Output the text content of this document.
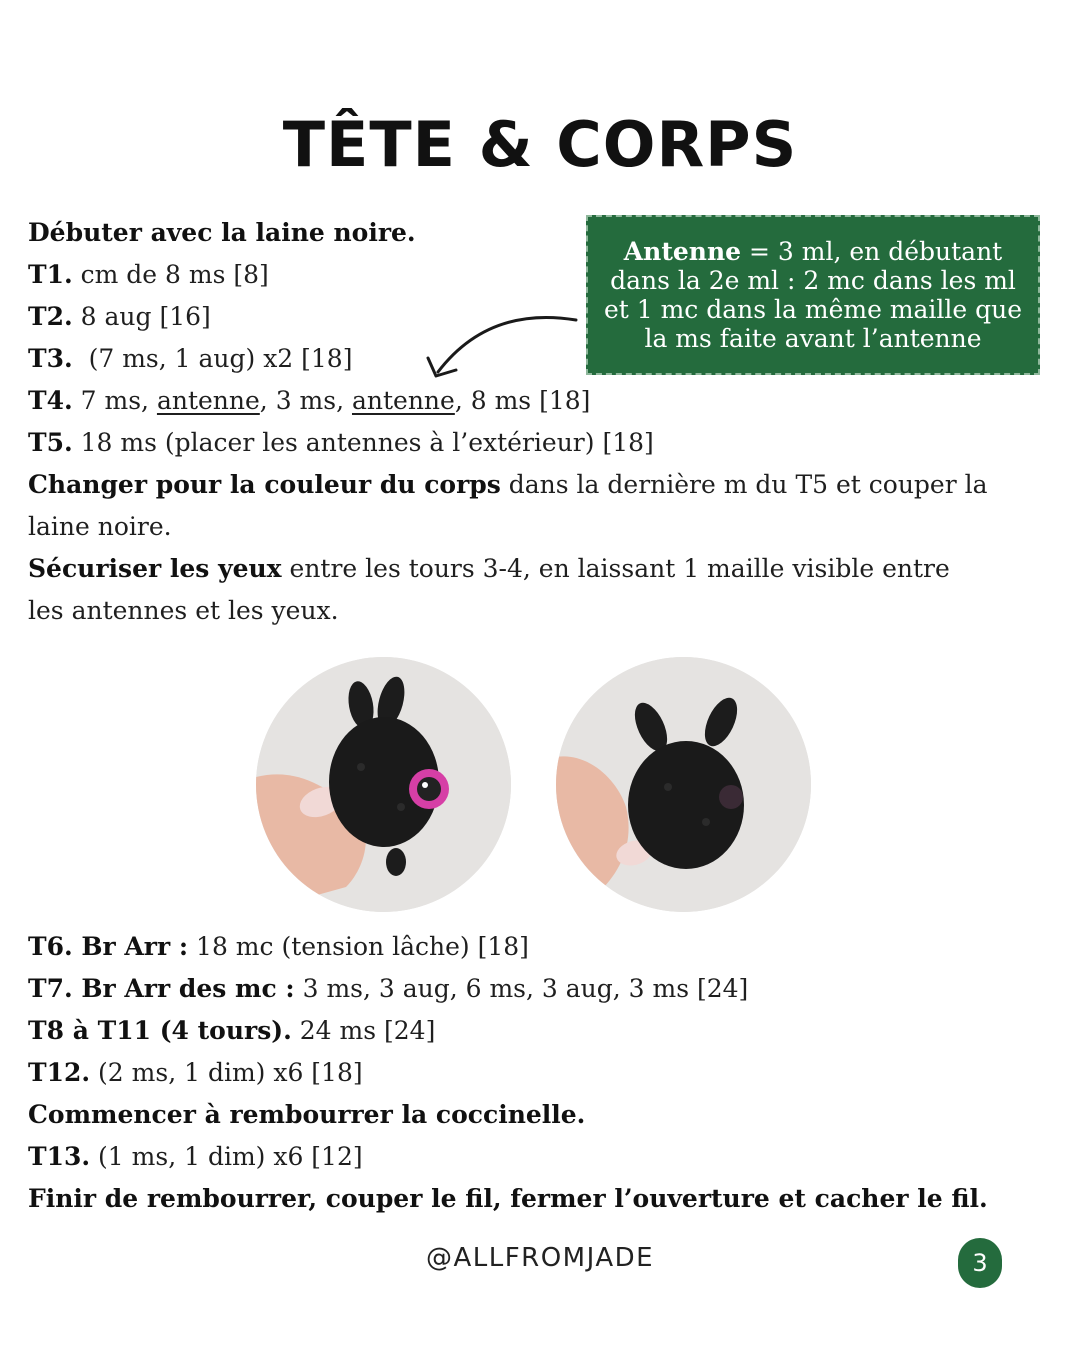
TÊTE & CORPS
Débuter avec la laine noire.
T1. cm de 8 ms [8]
T2. 8 aug [16]
T3.  (7 ms, 1 aug) x2 [18]
T4. 7 ms, antenne, 3 ms, antenne, 8 ms [18]
T5. 18 ms (placer les antennes à l’extérieur) [18]
Changer pour la couleur du corps dans la dernière m du T5 et couper la
laine noire.
Sécuriser les yeux entre les tours 3-4, en laissant 1 maille visible entre
les antennes et les yeux.
Antenne = 3 ml, en débutant
dans la 2e ml : 2 mc dans les ml
et 1 mc dans la même maille que
la ms faite avant l’antenne
T6. Br Arr : 18 mc (tension lâche) [18]
T7. Br Arr des mc : 3 ms, 3 aug, 6 ms, 3 aug, 3 ms [24]
T8 à T11 (4 tours). 24 ms [24]
T12. (2 ms, 1 dim) x6 [18]
Commencer à rembourrer la coccinelle.
T13. (1 ms, 1 dim) x6 [12]
Finir de rembourrer, couper le fil, fermer l’ouverture et cacher le fil.
@ALLFROMJADE	3
